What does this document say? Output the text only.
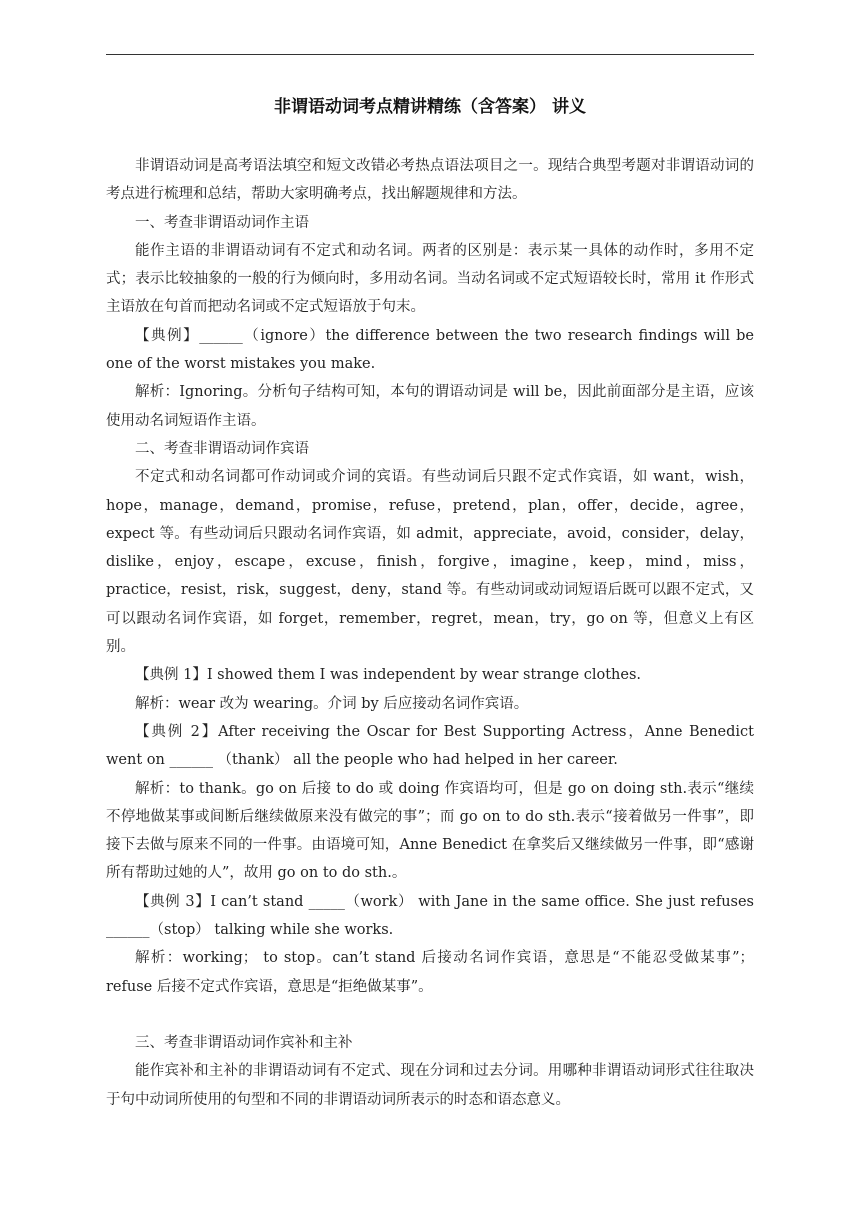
非谓语动词考点精讲精练（含答案） 讲义

非谓语动词是高考语法填空和短文改错必考热点语法项目之一。现结合典型考题对非谓语动词的考点进行梳理和总结，帮助大家明确考点，找出解题规律和方法。

一、考查非谓语动词作主语

能作主语的非谓语动词有不定式和动名词。两者的区别是：表示某一具体的动作时，多用不定式；表示比较抽象的一般的行为倾向时，多用动名词。当动名词或不定式短语较长时，常用 it 作形式主语放在句首而把动名词或不定式短语放于句末。

【典例】______（ignore）the difference between the two research findings will be one of the worst mistakes you make.

解析：Ignoring。分析句子结构可知，本句的谓语动词是 will be，因此前面部分是主语，应该使用动名词短语作主语。

二、考查非谓语动词作宾语

不定式和动名词都可作动词或介词的宾语。有些动词后只跟不定式作宾语，如 want，wish，hope，manage，demand，promise，refuse，pretend，plan，offer，decide，agree，expect 等。有些动词后只跟动名词作宾语，如 admit，appreciate，avoid，consider，delay，dislike，enjoy，escape，excuse，finish，forgive，imagine，keep，mind，miss，practice，resist，risk，suggest，deny，stand 等。有些动词或动词短语后既可以跟不定式，又可以跟动名词作宾语，如 forget，remember，regret，mean，try，go on 等，但意义上有区别。

【典例 1】I showed them I was independent by wear strange clothes.

解析：wear 改为 wearing。介词 by 后应接动名词作宾语。

【典例 2】After receiving the Oscar for Best Supporting Actress，Anne Benedict went on ______ （thank） all the people who had helped in her career.

解析：to thank。go on 后接 to do 或 doing 作宾语均可，但是 go on doing sth.表示“继续不停地做某事或间断后继续做原来没有做完的事”；而 go on to do sth.表示“接着做另一件事”，即接下去做与原来不同的一件事。由语境可知，Anne Benedict 在拿奖后又继续做另一件事，即“感谢所有帮助过她的人”，故用 go on to do sth.。

【典例 3】I can’t stand _____（work） with Jane in the same office. She just refuses ______（stop） talking while she works.

解析：working； to stop。can’t stand 后接动名词作宾语，意思是“不能忍受做某事”；refuse 后接不定式作宾语，意思是“拒绝做某事”。

三、考查非谓语动词作宾补和主补

能作宾补和主补的非谓语动词有不定式、现在分词和过去分词。用哪种非谓语动词形式往往取决于句中动词所使用的句型和不同的非谓语动词所表示的时态和语态意义。
